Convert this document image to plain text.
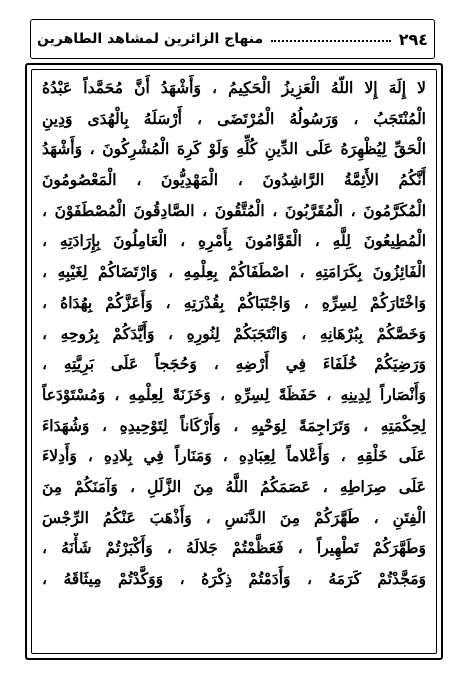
٢٩٤
منهاج الزائرين لمشاهد الطاهرين
لا إِلَهَ إِلا اللّهُ الْعَزِيزُ الْحَكِيمُ ، وَأَشْهَدُ أَنَّ مُحَمَّداً عَبْدُهُ
الْمُنْتَجَبُ ، وَرَسُولُهُ الْمُرْتَضَى ، أَرْسَلَهُ بِالْهُدَى وَدِينِ
الْحَقِّ لِيُظْهِرَهُ عَلَى الدِّينِ كُلِّهِ وَلَوْ كَرِهَ الْمُشْرِكُونَ ، وَأَشْهَدُ
أَنَّكُمُ الأَئِمَّةُ الرَّاشِدُونَ ، الْمَهْدِيُّونَ ، الْمَعْصُومُونَ
الْمُكَرَّمُونَ ، الْمُقَرَّبُونَ ، الْمُتَّقُونَ ، الصَّادِقُونَ الْمُصْطَفَوْنَ ،
الْمُطِيعُونَ لِلَّهِ ، الْقَوَّامُونَ بِأَمْرِهِ ، الْعَامِلُونَ بِإِرَادَتِهِ ،
الْفَائِزُونَ بِكَرَامَتِهِ ، اصْطَفَاكُمْ بِعِلْمِهِ ، وَارْتَضَاكُمْ لِغَيْبِهِ ،
وَاخْتَارَكُمْ لِسِرِّهِ ، وَاجْتَبَاكُمْ بِقُدْرَتِهِ ، وَأَعَزَّكُمْ بِهُدَاهُ ،
وَخَصَّكُمْ بِبُرْهَانِهِ ، وَانْتَجَبَكُمْ لِنُورِهِ ، وَأَيَّدَكُمْ بِرُوحِهِ ،
وَرَضِيَكُمْ خُلَفَاءَ فِي أَرْضِهِ ، وَحُجَجاً عَلَى بَرِيَّتِهِ ،
وَأَنْصَاراً لِدِينِهِ ، حَفَظَةً لِسِرِّهِ ، وَخَزَنَةً لِعِلْمِهِ ، وَمُسْتَوْدَعاً
لِحِكْمَتِهِ ، وَتَرَاجِمَةً لِوَحْيِهِ ، وَأَرْكَاناً لِتَوْحِيدِهِ ، وَشُهَدَاءَ
عَلَى خَلْقِهِ ، وَأَعْلاماً لِعِبَادِهِ ، وَمَنَاراً فِي بِلادِهِ ، وَأَدِلاءَ
عَلَى صِرَاطِهِ ، عَصَمَكُمُ اللَّهُ مِنَ الزَّلَلِ ، وَآمَنَكُمْ مِنَ
الْفِتَنِ ، طَهَّرَكُمْ مِنَ الدَّنَسِ ، وَأَذْهَبَ عَنْكُمُ الرِّجْسَ
وَطَهَّرَكُمْ تَطْهِيراً ، فَعَظَّمْتُمْ جَلالَهُ ، وَأَكْبَرْتُمْ شَأْنَهُ ،
وَمَجَّدْتُمْ كَرَمَهُ ، وَأَدَمْتُمْ ذِكْرَهُ ، وَوَكَّدْتُمْ مِيثَاقَهُ ،
